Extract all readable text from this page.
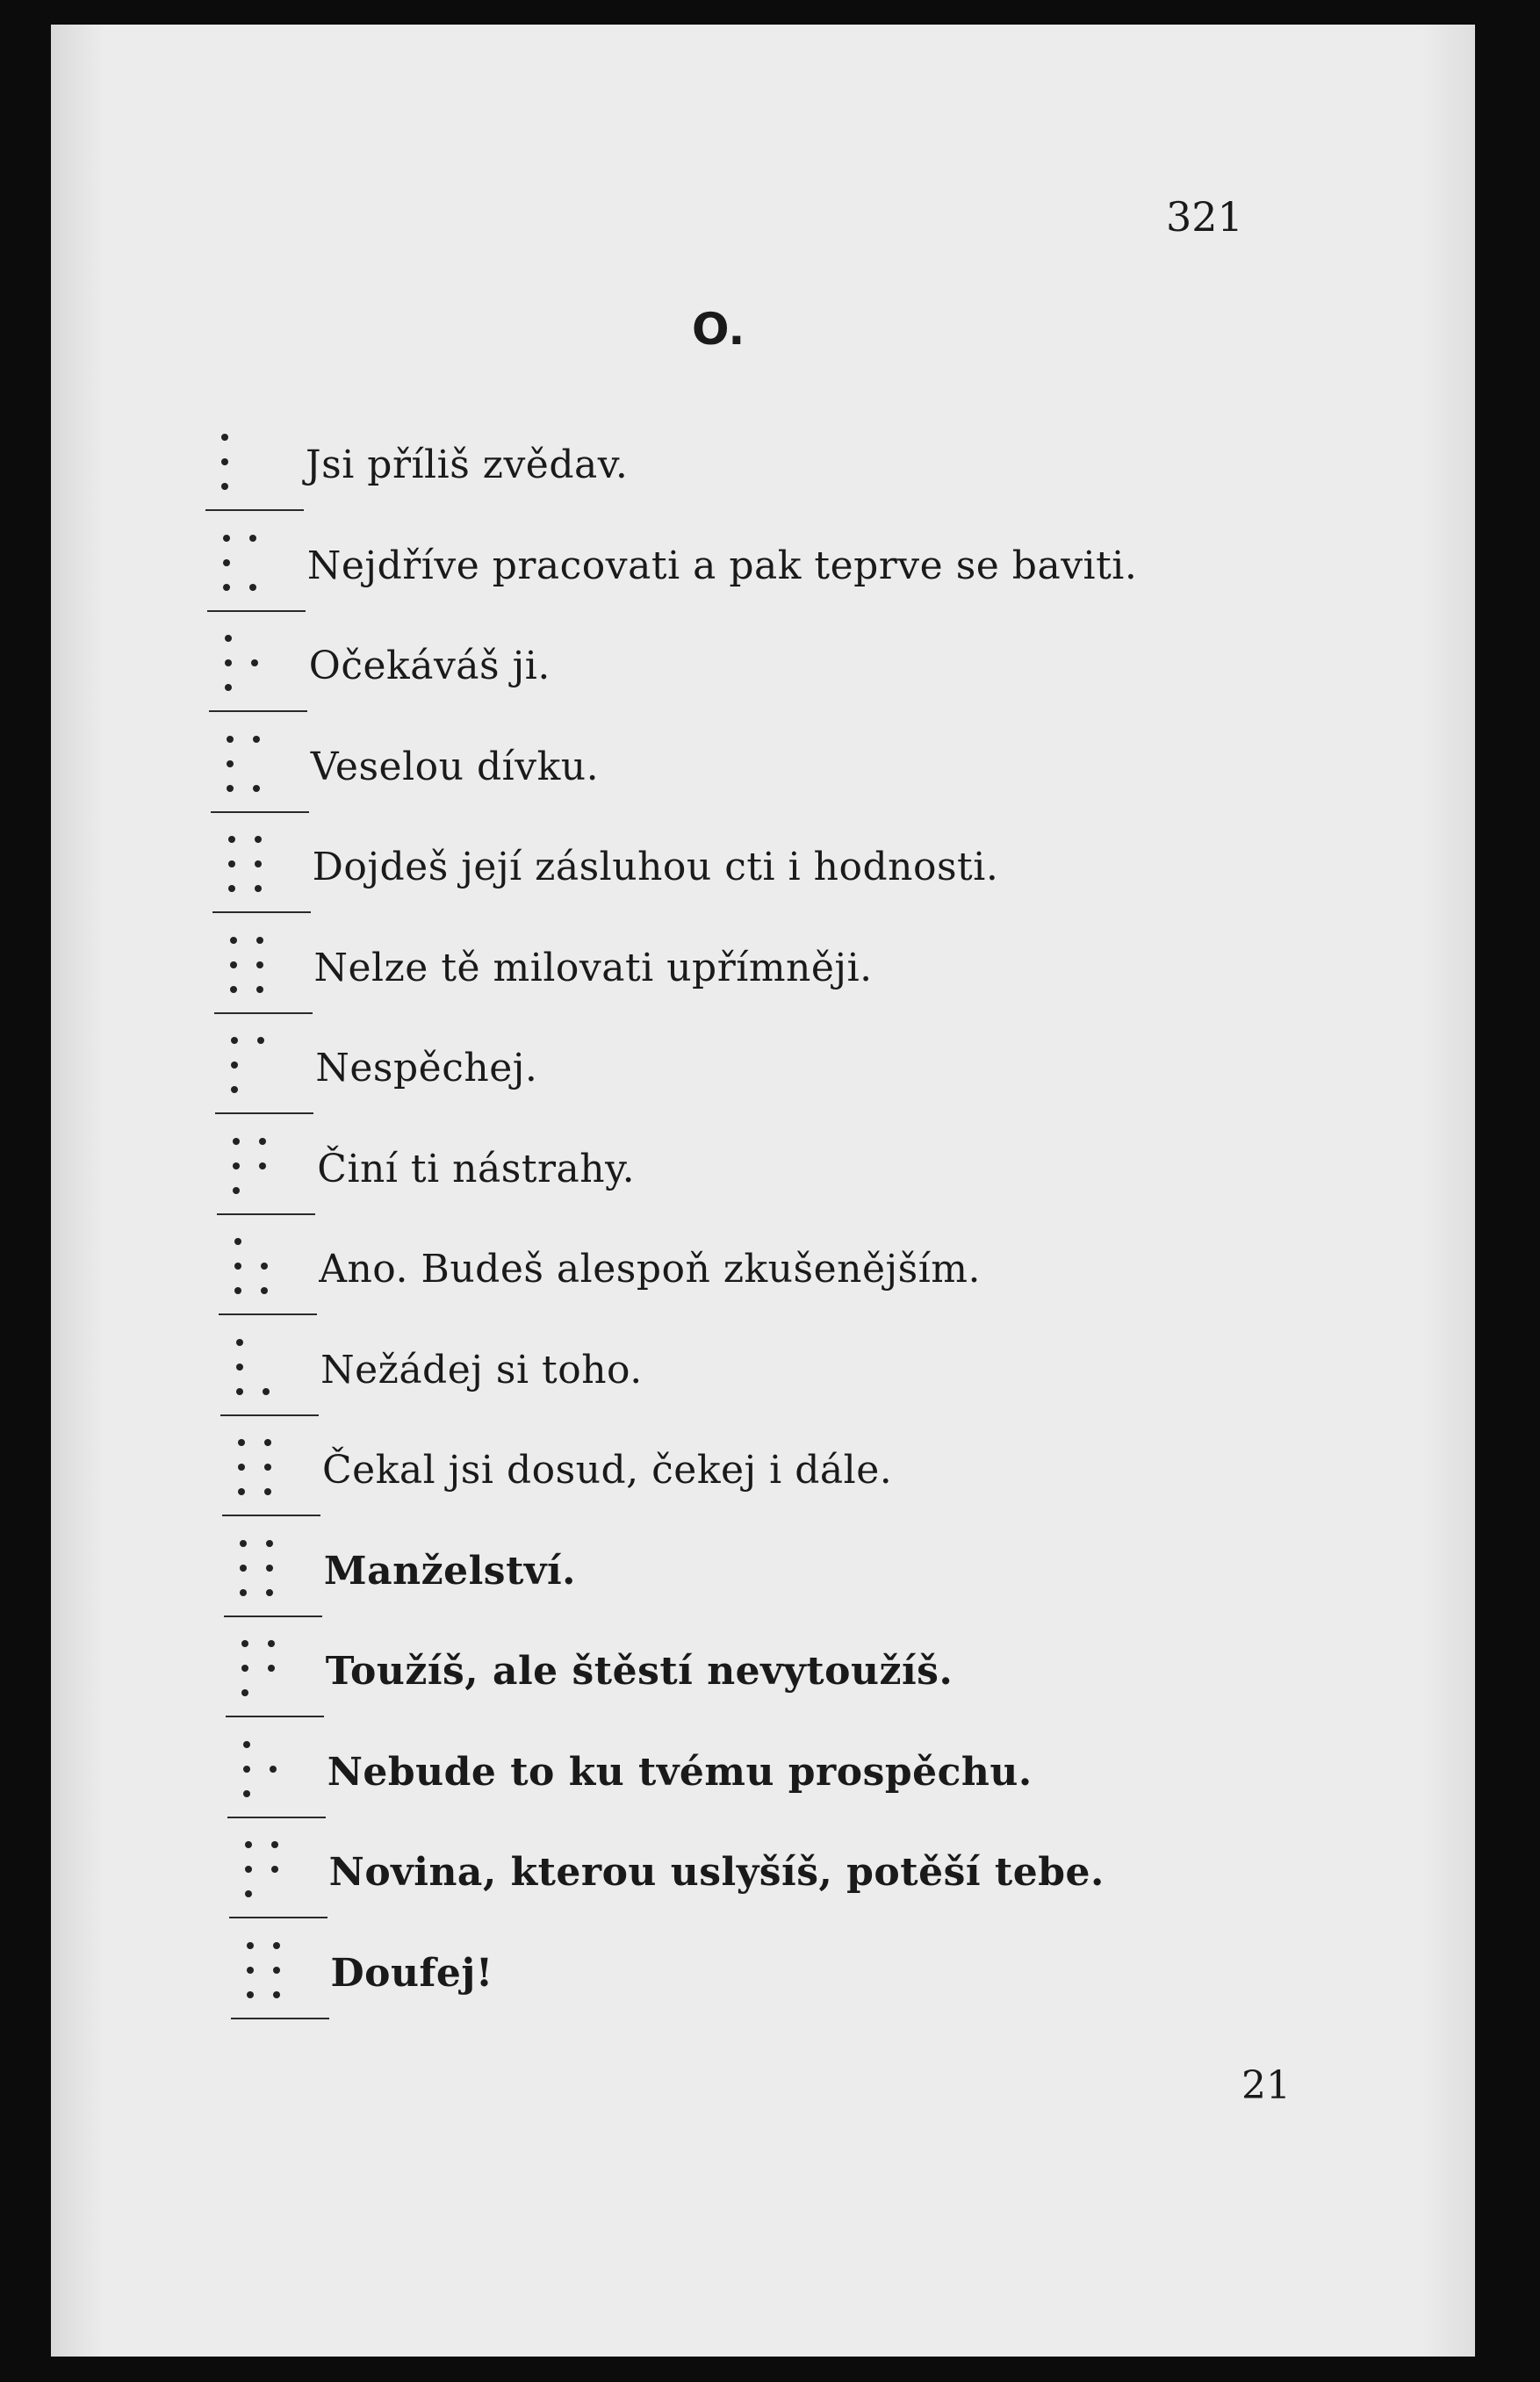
321
O.
Jsi příliš zvědav.
Nejdříve pracovati a pak teprve se baviti.
Očekáváš ji.
Veselou dívku.
Dojdeš její zásluhou cti i hodnosti.
Nelze tě milovati upřímněji.
Nespěchej.
Činí ti nástrahy.
Ano. Budeš alespoň zkušenějším.
Nežádej si toho.
Čekal jsi dosud, čekej i dále.
Manželství.
Toužíš, ale štěstí nevytoužíš.
Nebude to ku tvému prospěchu.
Novina, kterou uslyšíš, potěší tebe.
Doufej!
21
